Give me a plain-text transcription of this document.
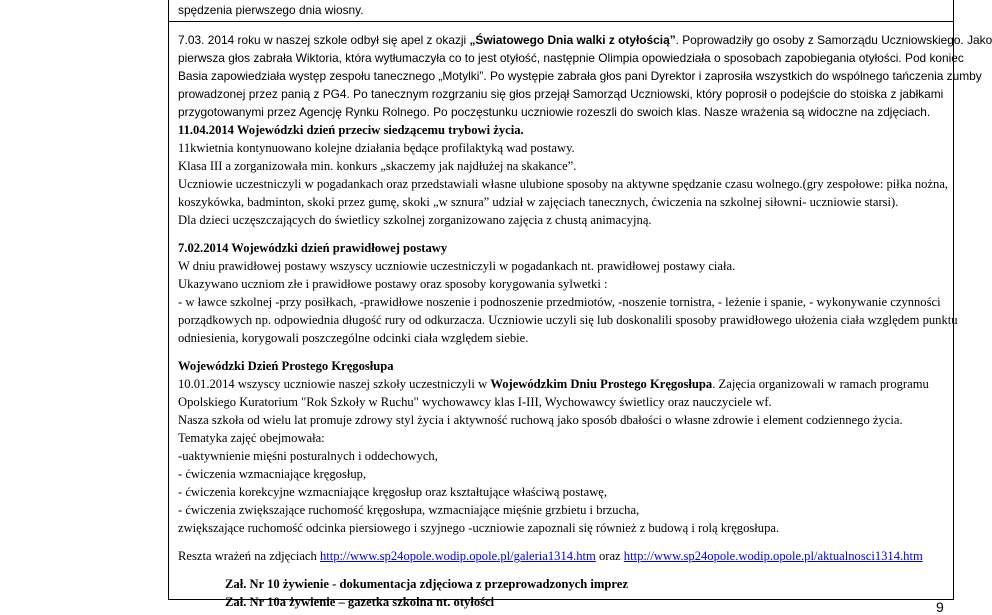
spędzenia pierwszego dnia wiosny.
7.03. 2014 roku w naszej szkole odbył się apel z okazji „Światowego Dnia walki z otyłością”. Poprowadziły go osoby z Samorządu Uczniowskiego. Jako
pierwsza głos zabrała Wiktoria, która wytłumaczyła co to jest otyłość, następnie Olimpia opowiedziała o sposobach zapobiegania otyłości. Pod koniec
Basia zapowiedziała występ zespołu tanecznego „Motylki”. Po występie zabrała głos pani Dyrektor i zaprosiła wszystkich do wspólnego tańczenia zumby
prowadzonej przez panią z PG4. Po tanecznym rozgrzaniu się głos przejął Samorząd Uczniowski, który poprosił o podejście do stoiska z jabłkami
przygotowanymi przez Agencję Rynku Rolnego. Po poczęstunku uczniowie rozeszli do swoich klas. Nasze wrażenia są widoczne na zdjęciach.
11.04.2014 Wojewódzki dzień przeciw siedzącemu trybowi życia.
11kwietnia kontynuowano kolejne działania będące profilaktyką wad postawy.
Klasa III a zorganizowała min. konkurs „skaczemy jak najdłużej na skakance”.
Uczniowie uczestniczyli w pogadankach oraz przedstawiali własne ulubione sposoby na aktywne spędzanie czasu wolnego.(gry zespołowe: piłka nożna,
koszykówka, badminton, skoki przez gumę, skoki „w sznura” udział w zajęciach tanecznych, ćwiczenia na szkolnej siłowni- uczniowie starsi).
Dla dzieci uczęszczających do świetlicy szkolnej zorganizowano zajęcia z chustą animacyjną.
7.02.2014 Wojewódzki dzień prawidłowej postawy
W dniu prawidłowej postawy wszyscy uczniowie uczestniczyli w pogadankach nt. prawidłowej postawy ciała.
Ukazywano uczniom złe i prawidłowe postawy oraz sposoby korygowania sylwetki :
- w ławce szkolnej -przy posiłkach, -prawidłowe noszenie i podnoszenie przedmiotów, -noszenie tornistra, - leżenie i spanie, - wykonywanie czynności
porządkowych np. odpowiednia długość rury od odkurzacza. Uczniowie uczyli się lub doskonalili sposoby prawidłowego ułożenia ciała względem punktu
odniesienia, korygowali poszczególne odcinki ciała względem siebie.
Wojewódzki Dzień Prostego Kręgosłupa
10.01.2014 wszyscy uczniowie naszej szkoły uczestniczyli w Wojewódzkim Dniu Prostego Kręgosłupa. Zajęcia organizowali w ramach programu
Opolskiego Kuratorium "Rok Szkoły w Ruchu" wychowawcy klas I-III, Wychowawcy świetlicy oraz nauczyciele wf.
Nasza szkoła od wielu lat promuje zdrowy styl życia i aktywność ruchową jako sposób dbałości o własne zdrowie i element codziennego życia.
Tematyka zajęć obejmowała:
-uaktywnienie mięśni posturalnych i oddechowych,
- ćwiczenia wzmacniające kręgosłup,
- ćwiczenia korekcyjne wzmacniające kręgosłup oraz kształtujące właściwą postawę,
- ćwiczenia zwiększające ruchomość kręgosłupa, wzmacniające mięśnie grzbietu i brzucha,
zwiększające ruchomość odcinka piersiowego i szyjnego -uczniowie zapoznali się również z budową i rolą kręgosłupa.
Reszta wrażeń na zdjęciach http://www.sp24opole.wodip.opole.pl/galeria1314.htm oraz http://www.sp24opole.wodip.opole.pl/aktualnosci1314.htm
Zał. Nr 10 żywienie - dokumentacja zdjęciowa z przeprowadzonych imprez
Zał. Nr 10a żywienie – gazetka szkolna nt. otyłości	9
